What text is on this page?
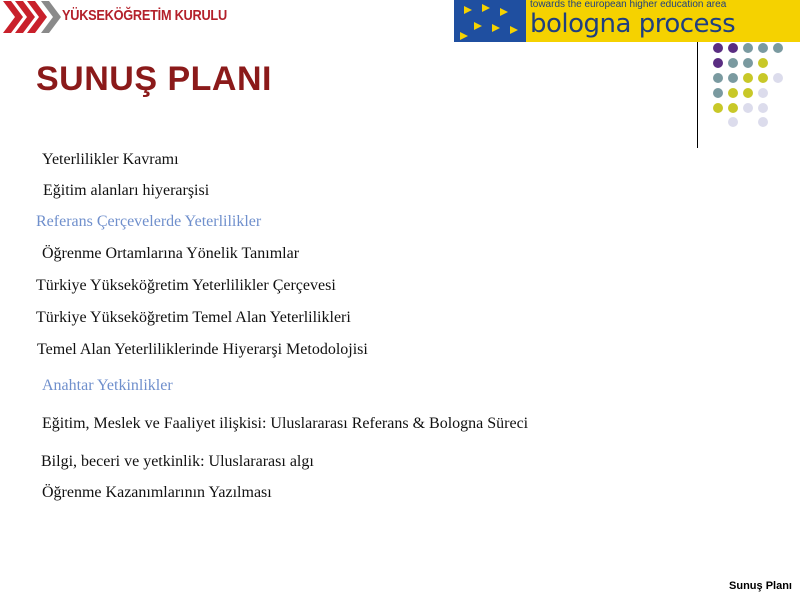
YÜKSEKÖĞRETİM KURULU
towards the european higher education area
bologna process
SUNUŞ PLANI
Yeterlilikler Kavramı
Eğitim alanları hiyerarşisi
Referans Çerçevelerde Yeterlilikler
Öğrenme Ortamlarına Yönelik Tanımlar
Türkiye Yükseköğretim Yeterlilikler Çerçevesi
Türkiye Yükseköğretim Temel Alan Yeterlilikleri
Temel Alan Yeterliliklerinde Hiyerarşi Metodolojisi
Anahtar Yetkinlikler
Eğitim, Meslek ve Faaliyet ilişkisi: Uluslararası Referans & Bologna Süreci
Bilgi, beceri ve yetkinlik: Uluslararası algı
Öğrenme Kazanımlarının Yazılması
Sunuş Planı
